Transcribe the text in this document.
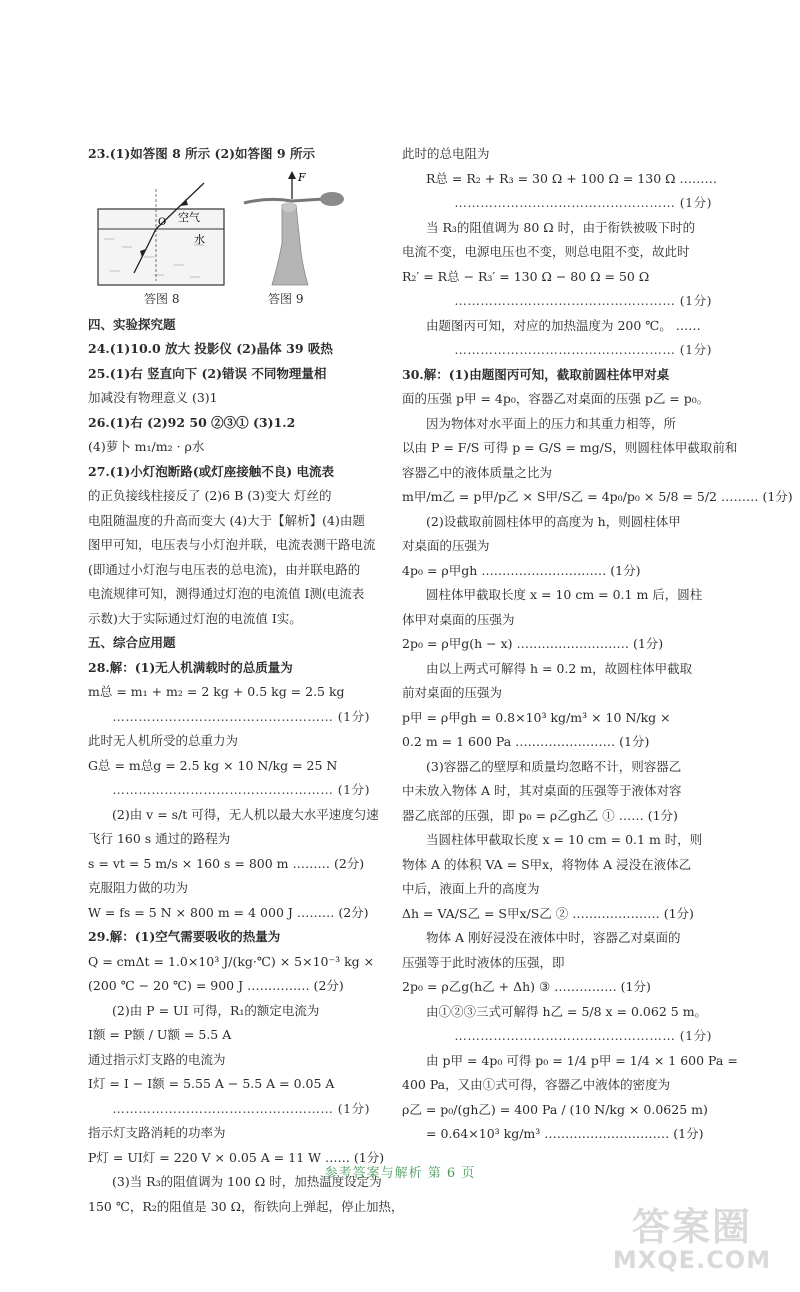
23.(1)如答图 8 所示 (2)如答图 9 所示
O 空气
水
答图 8
F
答图 9
四、实验探究题
24.(1)10.0 放大 投影仪 (2)晶体 39 吸热
25.(1)右 竖直向下 (2)错误 不同物理量相
加减没有物理意义 (3)1
26.(1)右 (2)92 50 ②③① (3)1.2
(4)萝卜 m₁/m₂ · ρ水
27.(1)小灯泡断路(或灯座接触不良) 电流表
的正负接线柱接反了 (2)6 B (3)变大 灯丝的
电阻随温度的升高而变大 (4)大于【解析】(4)由题
图甲可知，电压表与小灯泡并联，电流表测干路电流
(即通过小灯泡与电压表的总电流)，由并联电路的
电流规律可知，测得通过灯泡的电流值 I测(电流表
示数)大于实际通过灯泡的电流值 I实。
五、综合应用题
28.解：(1)无人机满载时的总质量为
m总 = m₁ + m₂ = 2 kg + 0.5 kg = 2.5 kg
…………………………………………… (1分)
此时无人机所受的总重力为
G总 = m总g = 2.5 kg × 10 N/kg = 25 N
…………………………………………… (1分)
(2)由 v = s/t 可得，无人机以最大水平速度匀速
飞行 160 s 通过的路程为
s = vt = 5 m/s × 160 s = 800 m ……… (2分)
克服阻力做的功为
W = fs = 5 N × 800 m = 4 000 J ……… (2分)
29.解：(1)空气需要吸收的热量为
Q = cmΔt = 1.0×10³ J/(kg·℃) × 5×10⁻³ kg ×
(200 ℃ − 20 ℃) = 900 J …………… (2分)
(2)由 P = UI 可得，R₁的额定电流为
I额 = P额 / U额 = 5.5 A
通过指示灯支路的电流为
I灯 = I − I额 = 5.55 A − 5.5 A = 0.05 A
…………………………………………… (1分)
指示灯支路消耗的功率为
P灯 = UI灯 = 220 V × 0.05 A = 11 W …… (1分)
(3)当 R₃的阻值调为 100 Ω 时，加热温度设定为
150 ℃，R₂的阻值是 30 Ω，衔铁向上弹起，停止加热，
此时的总电阻为
R总 = R₂ + R₃ = 30 Ω + 100 Ω = 130 Ω ………
…………………………………………… (1分)
当 R₃的阻值调为 80 Ω 时，由于衔铁被吸下时的
电流不变，电源电压也不变，则总电阻不变，故此时
R₂′ = R总 − R₃′ = 130 Ω − 80 Ω = 50 Ω
…………………………………………… (1分)
由题图丙可知，对应的加热温度为 200 ℃。 ……
…………………………………………… (1分)
30.解：(1)由题图丙可知，截取前圆柱体甲对桌
面的压强 p甲 = 4p₀，容器乙对桌面的压强 p乙 = p₀。
因为物体对水平面上的压力和其重力相等，所
以由 P = F/S 可得 p = G/S = mg/S，则圆柱体甲截取前和
容器乙中的液体质量之比为
m甲/m乙 = p甲/p乙 × S甲/S乙 = 4p₀/p₀ × 5/8 = 5/2 ……… (1分)
(2)设截取前圆柱体甲的高度为 h，则圆柱体甲
对桌面的压强为
4p₀ = ρ甲gh ………………………… (1分)
圆柱体甲截取长度 x = 10 cm = 0.1 m 后，圆柱
体甲对桌面的压强为
2p₀ = ρ甲g(h − x) ……………………… (1分)
由以上两式可解得 h = 0.2 m，故圆柱体甲截取
前对桌面的压强为
p甲 = ρ甲gh = 0.8×10³ kg/m³ × 10 N/kg ×
0.2 m = 1 600 Pa …………………… (1分)
(3)容器乙的壁厚和质量均忽略不计，则容器乙
中未放入物体 A 时，其对桌面的压强等于液体对容
器乙底部的压强，即 p₀ = ρ乙gh乙 ① …… (1分)
当圆柱体甲截取长度 x = 10 cm = 0.1 m 时，则
物体 A 的体积 VA = S甲x，将物体 A 浸没在液体乙
中后，液面上升的高度为
Δh = VA/S乙 = S甲x/S乙 ② ………………… (1分)
物体 A 刚好浸没在液体中时，容器乙对桌面的
压强等于此时液体的压强，即
2p₀ = ρ乙g(h乙 + Δh) ③ …………… (1分)
由①②③三式可解得 h乙 = 5/8 x = 0.062 5 m。
…………………………………………… (1分)
由 p甲 = 4p₀ 可得 p₀ = 1/4 p甲 = 1/4 × 1 600 Pa =
400 Pa，又由①式可得，容器乙中液体的密度为
ρ乙 = p₀/(gh乙) = 400 Pa / (10 N/kg × 0.0625 m)
= 0.64×10³ kg/m³ ………………………… (1分)
参考答案与解析 第 6 页
答案圈
MXQE.COM
